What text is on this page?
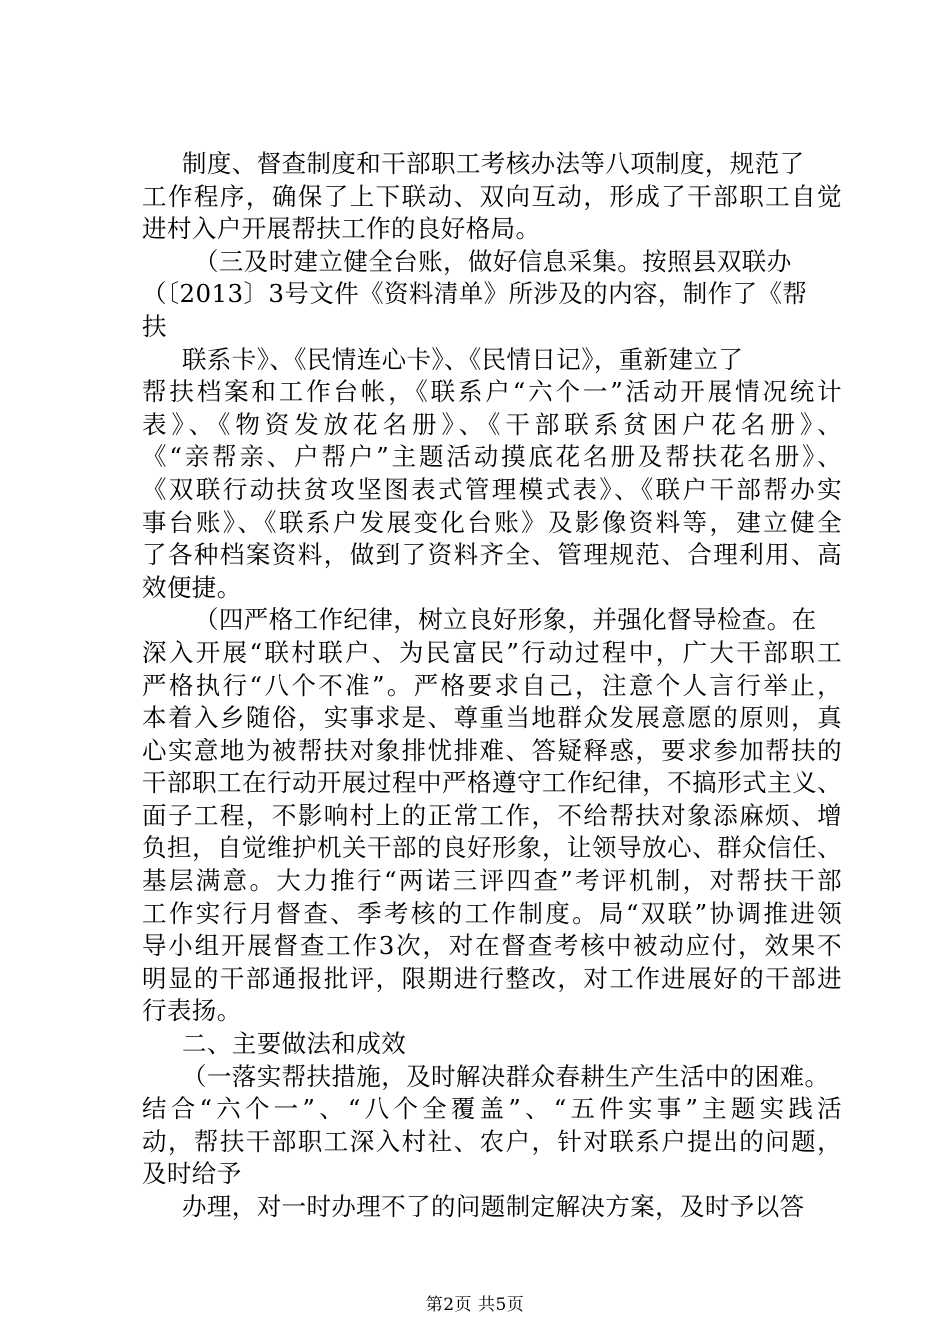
制度、督查制度和干部职工考核办法等八项制度，规范了
工作程序，确保了上下联动、双向互动，形成了干部职工自觉
进村入户开展帮扶工作的良好格局。
（三及时建立健全台账，做好信息采集。按照县双联办
（〔2013〕3号文件《资料清单》所涉及的内容，制作了《帮
扶
联系卡》、《民情连心卡》、《民情日记》，重新建立了
帮扶档案和工作台帐，《联系户“六个一”活动开展情况统计
表》、《物资发放花名册》、《干部联系贫困户花名册》、
《“亲帮亲、户帮户”主题活动摸底花名册及帮扶花名册》、
《双联行动扶贫攻坚图表式管理模式表》、《联户干部帮办实
事台账》、《联系户发展变化台账》及影像资料等，建立健全
了各种档案资料，做到了资料齐全、管理规范、合理利用、高
效便捷。
（四严格工作纪律，树立良好形象，并强化督导检查。在
深入开展“联村联户、为民富民”行动过程中，广大干部职工
严格执行“八个不准”。严格要求自己，注意个人言行举止，
本着入乡随俗，实事求是、尊重当地群众发展意愿的原则，真
心实意地为被帮扶对象排忧排难、答疑释惑，要求参加帮扶的
干部职工在行动开展过程中严格遵守工作纪律，不搞形式主义、
面子工程，不影响村上的正常工作，不给帮扶对象添麻烦、增
负担，自觉维护机关干部的良好形象，让领导放心、群众信任、
基层满意。大力推行“两诺三评四查”考评机制，对帮扶干部
工作实行月督查、季考核的工作制度。局“双联”协调推进领
导小组开展督查工作3次，对在督查考核中被动应付，效果不
明显的干部通报批评，限期进行整改，对工作进展好的干部进
行表扬。
二、主要做法和成效
（一落实帮扶措施，及时解决群众春耕生产生活中的困难。
结合“六个一”、“八个全覆盖”、“五件实事”主题实践活
动，帮扶干部职工深入村社、农户，针对联系户提出的问题，
及时给予
办理，对一时办理不了的问题制定解决方案，及时予以答
第2页 共5页
